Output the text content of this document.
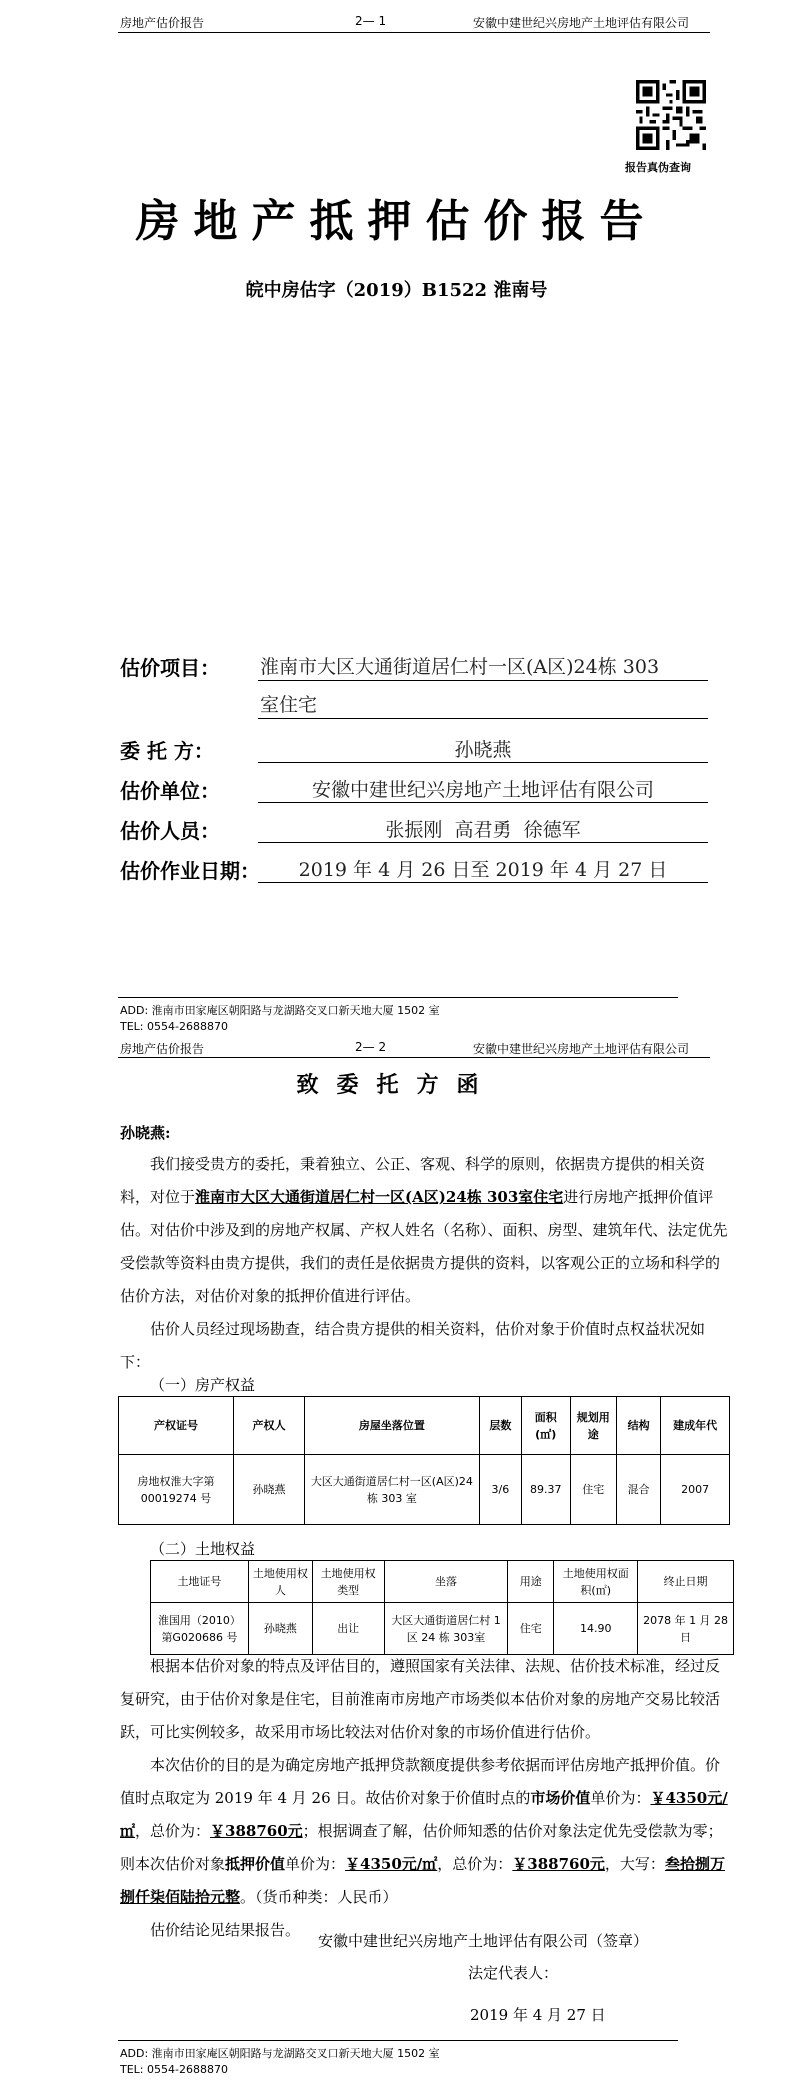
房地产估价报告	2— 1	安徽中建世纪兴房地产土地评估有限公司
报告真伪查询
房地产抵押估价报告
皖中房估字（2019）B1522 淮南号
估价项目： 淮南市大区大通街道居仁村一区(A区)24栋 303
室住宅
委 托 方：	孙晓燕
估价单位：	安徽中建世纪兴房地产土地评估有限公司
估价人员：	张振刚  高君勇  徐德军
估价作业日期：	2019 年 4 月 26 日至 2019 年 4 月 27 日
ADD: 淮南市田家庵区朝阳路与龙湖路交叉口新天地大厦 1502 室
TEL: 0554-2688870
房地产估价报告	2— 2	安徽中建世纪兴房地产土地评估有限公司
致委托方函
孙晓燕:

我们接受贵方的委托，秉着独立、公正、客观、科学的原则，依据贵方提供的相关资料，对位于淮南市大区大通街道居仁村一区(A区)24栋 303室住宅进行房地产抵押价值评估。对估价中涉及到的房地产权属、产权人姓名（名称）、面积、房型、建筑年代、法定优先受偿款等资料由贵方提供，我们的责任是依据贵方提供的资料，以客观公正的立场和科学的估价方法，对估价对象的抵押价值进行评估。

估价人员经过现场勘查，结合贵方提供的相关资料，估价对象于价值时点权益状况如下：

（一）房产权益
产权证号	产权人	房屋坐落位置	层数	面积(㎡)	规划用途	结构	建成年代
房地权淮大字第00019274 号	孙晓燕	大区大通街道居仁村一区(A区)24 栋 303 室	3/6	89.37	住宅	混合	2007
（二）土地权益
土地证号	土地使用权人	土地使用权类型	坐落	用途	土地使用权面积(㎡)	终止日期
淮国用（2010）第G020686 号	孙晓燕	出让	大区大通街道居仁村 1 区 24 栋 303室	住宅	14.90	2078 年 1 月 28日

根据本估价对象的特点及评估目的，遵照国家有关法律、法规、估价技术标准，经过反复研究，由于估价对象是住宅，目前淮南市房地产市场类似本估价对象的房地产交易比较活跃，可比实例较多，故采用市场比较法对估价对象的市场价值进行估价。

本次估价的目的是为确定房地产抵押贷款额度提供参考依据而评估房地产抵押价值。价值时点取定为 2019 年 4 月 26 日。故估价对象于价值时点的市场价值单价为：￥4350元/㎡，总价为：￥388760元；根据调查了解，估价师知悉的估价对象法定优先受偿款为零；则本次估价对象抵押价值单价为：￥4350元/㎡，总价为：￥388760元，大写：叁拾捌万捌仟柒佰陆拾元整。（货币种类：人民币）

估价结论见结果报告。

安徽中建世纪兴房地产土地评估有限公司（签章）
法定代表人：
2019 年 4 月 27 日
ADD: 淮南市田家庵区朝阳路与龙湖路交叉口新天地大厦 1502 室
TEL: 0554-2688870
